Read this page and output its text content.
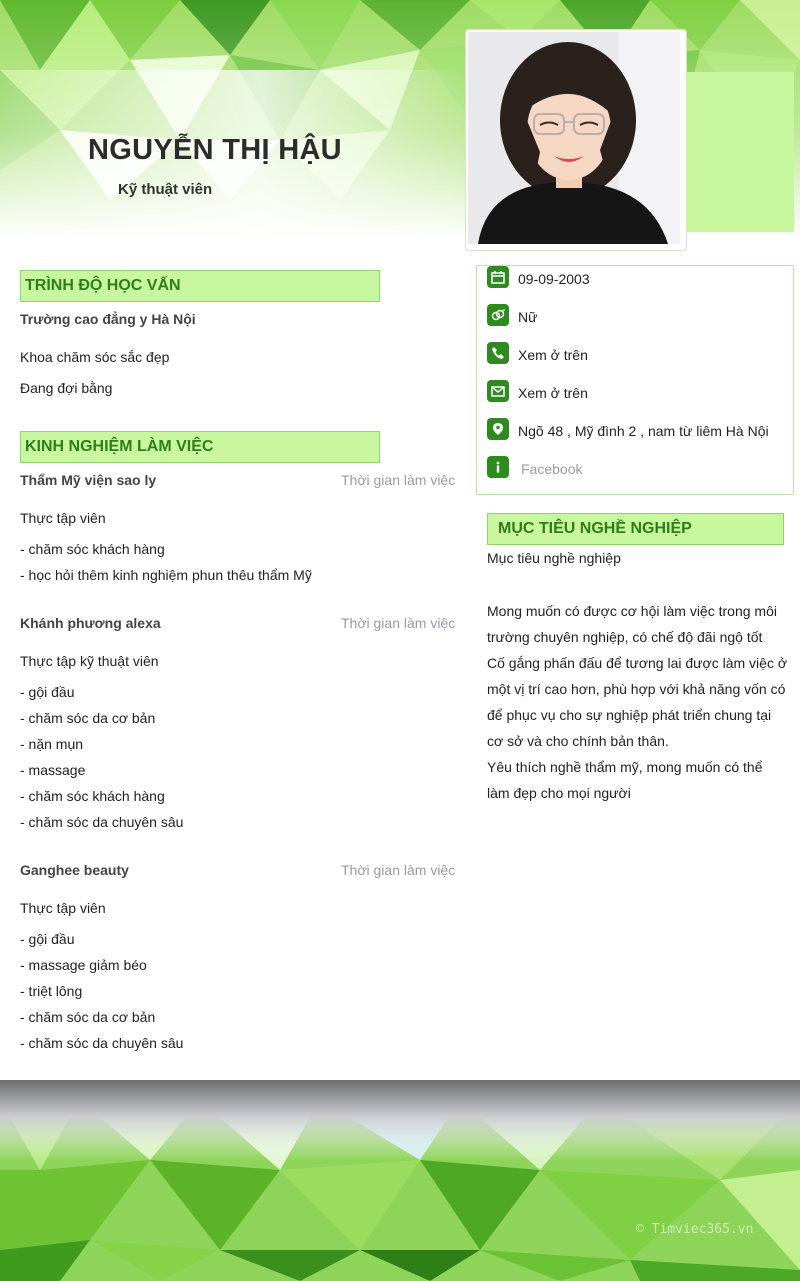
NGUYỄN THỊ HẬU
Kỹ thuật viên
TRÌNH ĐỘ HỌC VẤN
Trường cao đẳng y Hà Nội
Khoa chăm sóc sắc đẹp
Đang đợi bằng
KINH NGHIỆM LÀM VIỆC
Thẩm Mỹ viện sao ly	Thời gian làm việc
Thực tập viên
- chăm sóc khách hàng
- học hỏi thêm kinh nghiệm phun thêu thẩm Mỹ
Khánh phương alexa	Thời gian làm việc
Thực tập kỹ thuật viên
- gội đầu
- chăm sóc da cơ bản
- nặn mụn
- massage
- chăm sóc khách hàng
- chăm sóc da chuyên sâu
Ganghee beauty	Thời gian làm việc
Thực tập viên
- gội đầu
- massage giảm béo
- triệt lông
- chăm sóc da cơ bản
- chăm sóc da chuyên sâu
09-09-2003
Nữ
Xem ở trên
Xem ở trên
Ngõ 48 , Mỹ đình 2 , nam từ liêm Hà Nội
Facebook
MỤC TIÊU NGHỀ NGHIỆP
Mục tiêu nghề nghiệp

Mong muốn có được cơ hội làm việc trong môi trường chuyên nghiệp, có chế độ đãi ngộ tốt

Cố gắng phấn đấu để tương lai được làm việc ở một vị trí cao hơn, phù hợp với khả năng vốn có để phục vụ cho sự nghiệp phát triển chung tại cơ sở và cho chính bản thân.

Yêu thích nghề thẩm mỹ, mong muốn có thể làm đẹp cho mọi người

© Timviec365.vn
